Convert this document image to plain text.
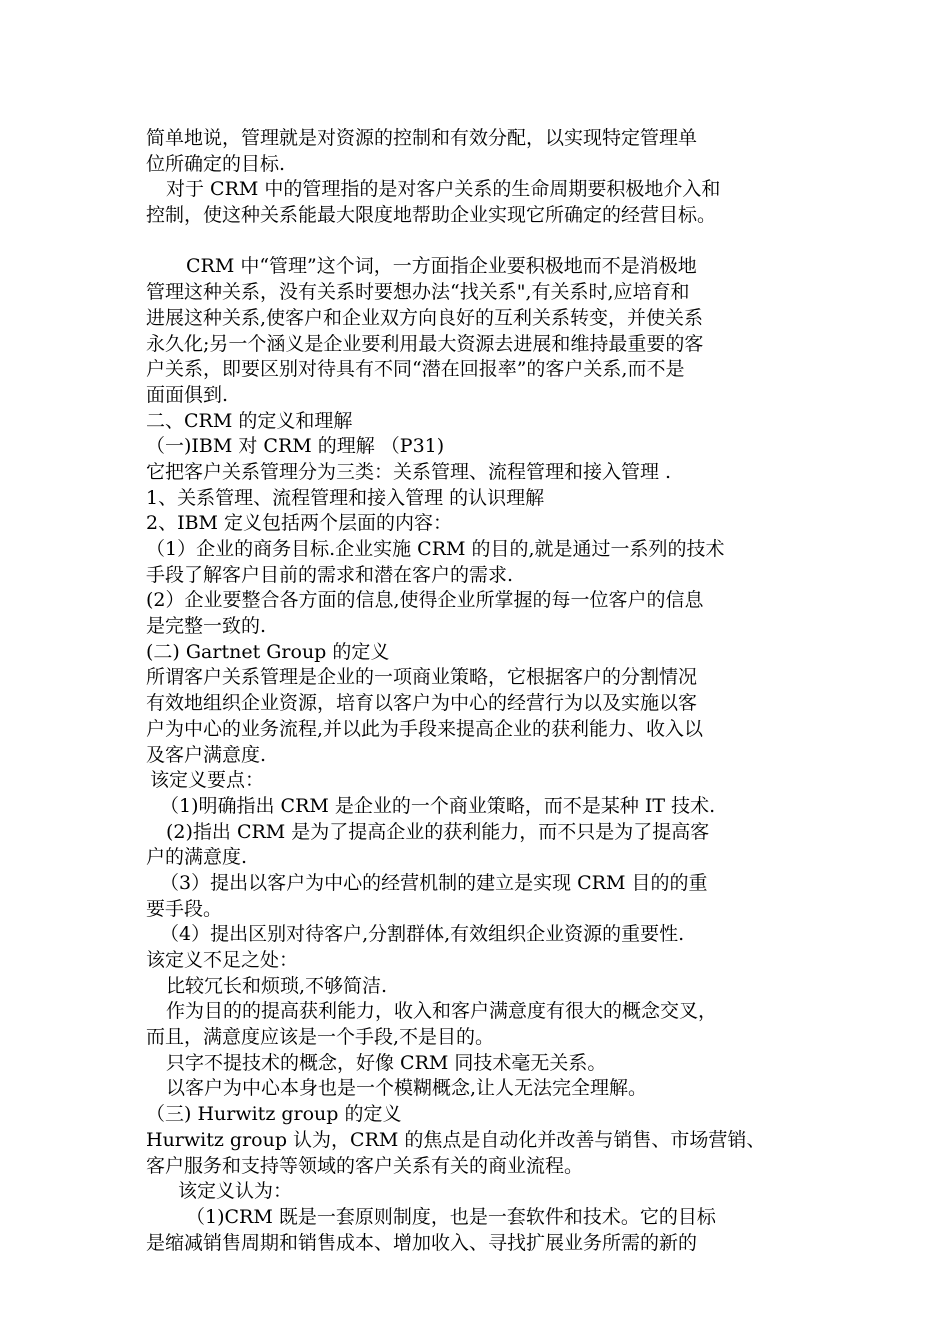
简单地说，管理就是对资源的控制和有效分配，以实现特定管理单

位所确定的目标.

对于 CRM 中的管理指的是对客户关系的生命周期要积极地介入和

控制，使这种关系能最大限度地帮助企业实现它所确定的经营目标。

CRM 中“管理”这个词，一方面指企业要积极地而不是消极地

管理这种关系，没有关系时要想办法“找关系",有关系时,应培育和

进展这种关系,使客户和企业双方向良好的互利关系转变，并使关系

永久化;另一个涵义是企业要利用最大资源去进展和维持最重要的客

户关系，即要区别对待具有不同“潜在回报率”的客户关系,而不是

面面俱到.

二、CRM 的定义和理解

（一)IBM 对 CRM 的理解 （P31)

它把客户关系管理分为三类：关系管理、流程管理和接入管理 .

1、关系管理、流程管理和接入管理 的认识理解

2、IBM 定义包括两个层面的内容：

（1）企业的商务目标.企业实施 CRM 的目的,就是通过一系列的技术

手段了解客户目前的需求和潜在客户的需求.

(2）企业要整合各方面的信息,使得企业所掌握的每一位客户的信息

是完整一致的.

(二) Gartnet Group 的定义

所谓客户关系管理是企业的一项商业策略，它根据客户的分割情况

有效地组织企业资源，培育以客户为中心的经营行为以及实施以客

户为中心的业务流程,并以此为手段来提高企业的获利能力、收入以

及客户满意度.

该定义要点：

（1)明确指出 CRM 是企业的一个商业策略，而不是某种 IT 技术.

(2)指出 CRM 是为了提高企业的获利能力，而不只是为了提高客

户的满意度.

（3）提出以客户为中心的经营机制的建立是实现 CRM 目的的重

要手段。

（4）提出区别对待客户,分割群体,有效组织企业资源的重要性.

该定义不足之处：

比较冗长和烦琐,不够简洁.

作为目的的提高获利能力，收入和客户满意度有很大的概念交叉，

而且，满意度应该是一个手段,不是目的。

只字不提技术的概念，好像 CRM 同技术毫无关系。

以客户为中心本身也是一个模糊概念,让人无法完全理解。

（三) Hurwitz group 的定义

Hurwitz group 认为，CRM 的焦点是自动化并改善与销售、市场营销、

客户服务和支持等领域的客户关系有关的商业流程。

该定义认为：

（1)CRM 既是一套原则制度，也是一套软件和技术。它的目标

是缩减销售周期和销售成本、增加收入、寻找扩展业务所需的新的
